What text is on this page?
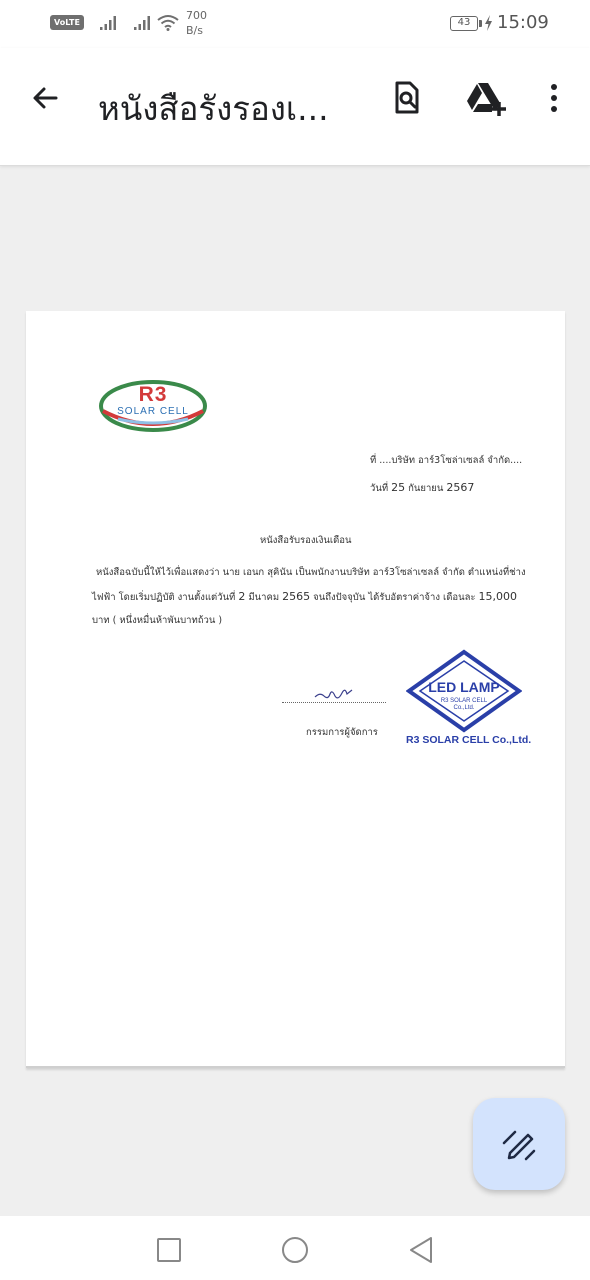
VoLTE 1
700
B/s
43	15:09
หนังสือรังรองเ...
R3
SOLAR CELL
ที่ ....บริษัท อาร์3โซล่าเซลล์ จำกัด....
วันที่ 25 กันยายน 2567
หนังสือรับรองเงินเดือน
หนังสือฉบับนี้ให้ไว้เพื่อแสดงว่า นาย เอนก สุคินัน เป็นพนักงานบริษัท อาร์3โซล่าเซลล์ จำกัด ตำแหน่งที่ช่าง
ไฟฟ้า โดยเริ่มปฏิบัติ งานตั้งแต่วันที่ 2 มีนาคม 2565 จนถึงปัจจุบัน ได้รับอัตราค่าจ้าง เดือนละ 15,000
บาท ( หนึ่งหมื่นห้าพันบาทถ้วน )
กรรมการผู้จัดการ
LED LAMP
R3 SOLAR CELL
Co.,Ltd.
R3 SOLAR CELL Co.,Ltd.
